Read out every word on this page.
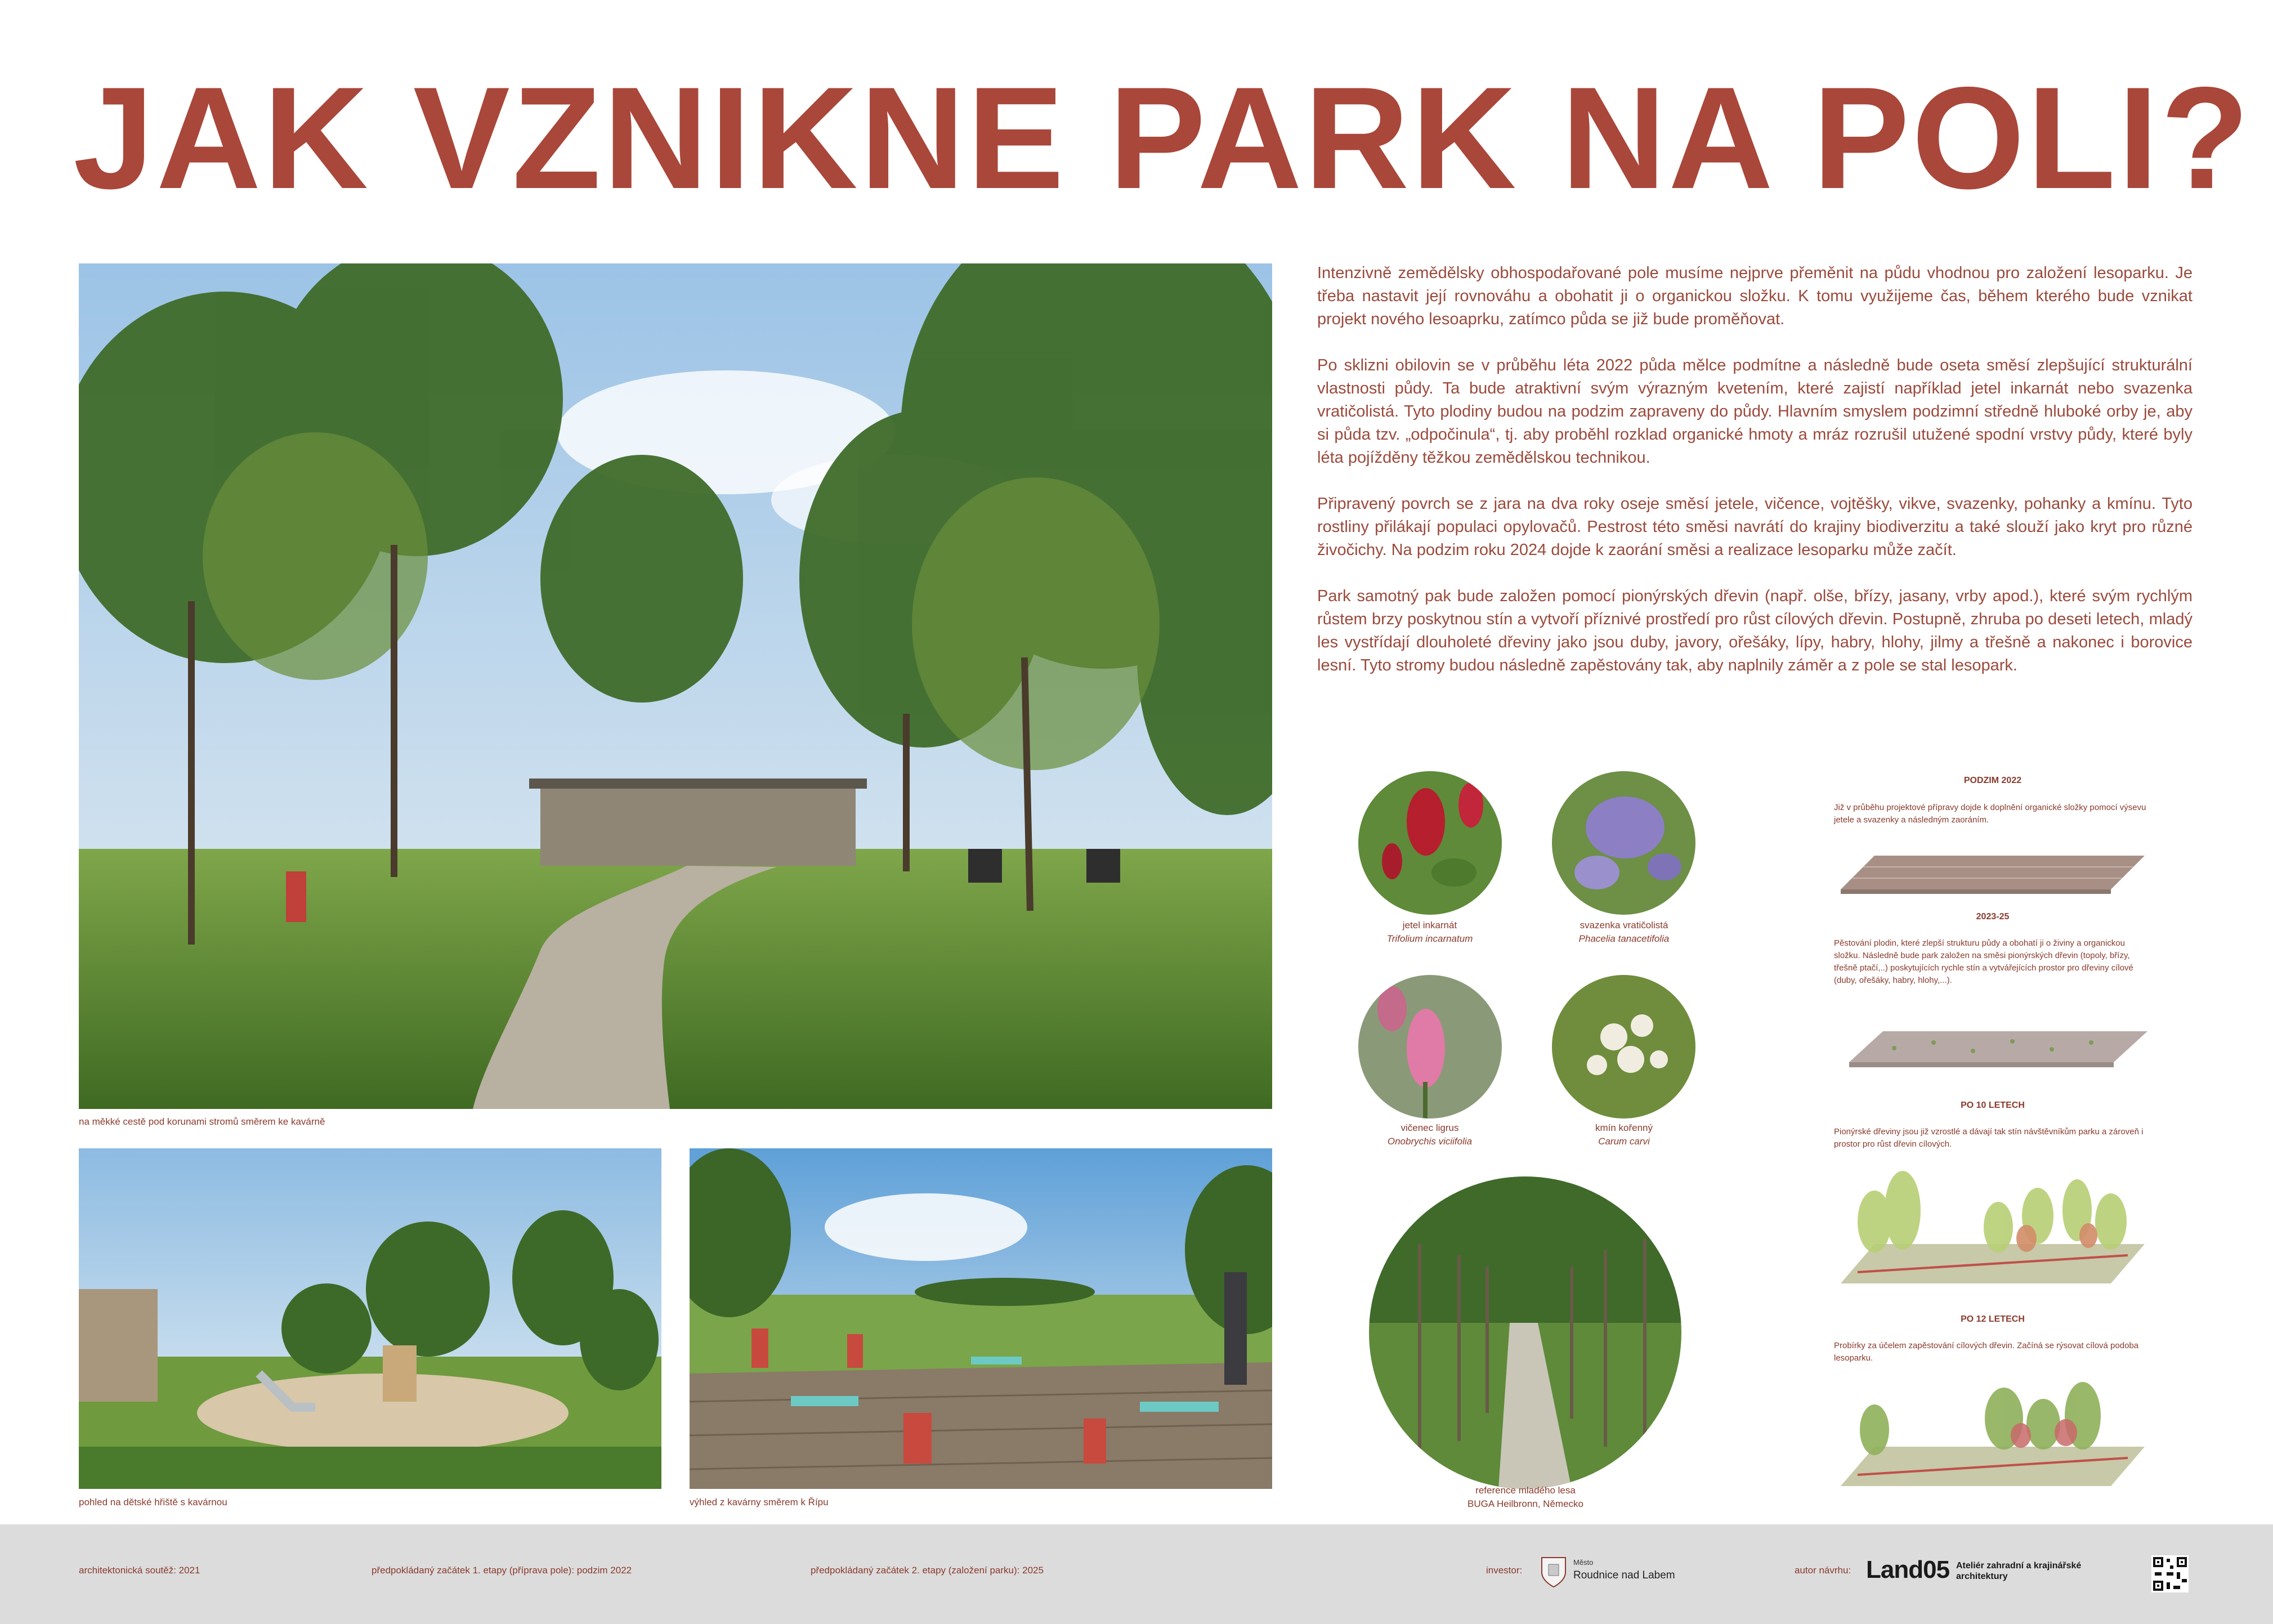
JAK VZNIKNE PARK NA POLI?
na měkké cestě pod korunami stromů směrem ke kavárně
pohled na dětské hřiště s kavárnou	výhled z kavárny směrem k Řípu

Intenzivně zemědělsky obhospodařované pole musíme nejprve přeměnit na půdu vhodnou pro založení lesoparku. Je třeba nastavit její rovnováhu a obohatit ji o organickou složku. K tomu využijeme čas, během kterého bude vznikat projekt nového lesoaprku, zatímco půda se již bude proměňovat.

Po sklizni obilovin se v průběhu léta 2022 půda mělce podmítne a následně bude oseta směsí zlepšující strukturální vlastnosti půdy. Ta bude atraktivní svým výrazným kvetením, které zajistí například jetel inkarnát nebo svazenka vratičolistá. Tyto plodiny budou na podzim zapraveny do půdy. Hlavním smyslem podzimní středně hluboké orby je, aby si půda tzv. „odpočinula“, tj. aby proběhl rozklad organické hmoty a mráz rozrušil utužené spodní vrstvy půdy, které byly léta pojížděny těžkou zemědělskou technikou.

Připravený povrch se z jara na dva roky oseje směsí jetele, vičence, vojtěšky, vikve, svazenky, pohanky a kmínu. Tyto rostliny přilákají populaci opylovačů. Pestrost této směsi navrátí do krajiny biodiverzitu a také slouží jako kryt pro různé živočichy. Na podzim roku 2024 dojde k zaorání směsi a realizace lesoparku může začít.

Park samotný pak bude založen pomocí pionýrských dřevin (např. olše, břízy, jasany, vrby apod.), které svým rychlým růstem brzy poskytnou stín a vytvoří příznivé prostředí pro růst cílových dřevin. Postupně, zhruba po deseti letech, mladý les vystřídají dlouholeté dřeviny jako jsou duby, javory, ořešáky, lípy, habry, hlohy, jilmy a třešně a nakonec i borovice lesní. Tyto stromy budou následně zapěstovány tak, aby naplnily záměr a z pole se stal lesopark.

jetel inkarnát
Trifolium incarnatum
svazenka vratičolistá
Phacelia tanacetifolia
vičenec ligrus
Onobrychis viciifolia
kmín kořenný
Carum carvi
reference mladého lesa
BUGA Heilbronn, Německo
PODZIM 2022
Již v průběhu projektové přípravy dojde k doplnění organické složky pomocí výsevu jetele a svazenky a následným zaoráním.
2023-25
Pěstování plodin, které zlepší strukturu půdy a obohatí ji o živiny a organickou složku. Následně bude park založen na směsi pionýrských dřevin (topoly, břízy, třešně ptačí,..) poskytujících rychle stín a vytvářejících prostor pro dřeviny cílové (duby, ořešáky, habry, hlohy,...).
PO 10 LETECH
Pionýrské dřeviny jsou již vzrostlé a dávají tak stín návštěvníkům parku a zároveň i prostor pro růst dřevin cílových.
PO 12 LETECH
Probírky za účelem zapěstování cílových dřevin. Začíná se rýsovat cílová podoba lesoparku.
architektonická soutěž: 2021	předpokládaný začátek 1. etapy (příprava pole): podzim 2022	předpokládaný začátek 2. etapy (založení parku): 2025	investor:
Město
Roudnice nad Labem	autor návrhu: Land05 Ateliér zahradní a krajinářské
architektury
